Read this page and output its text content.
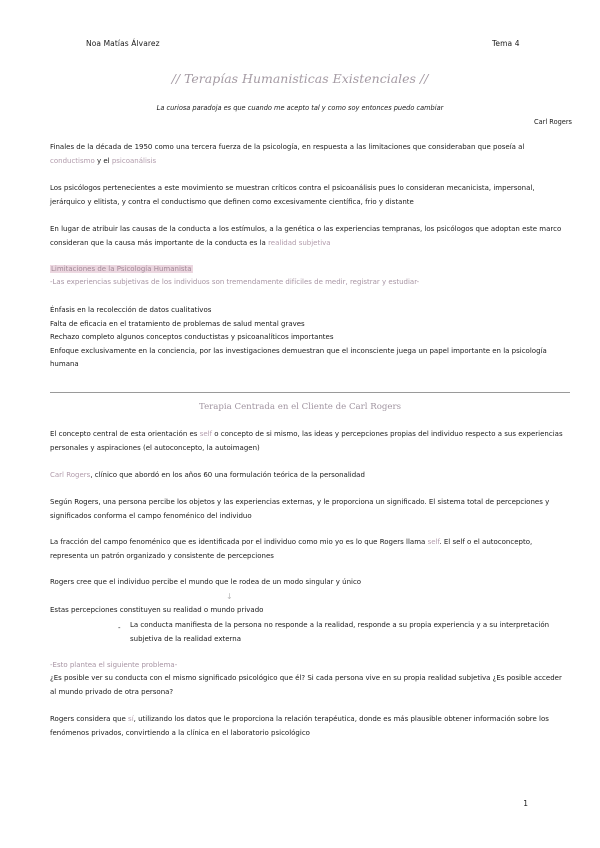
Noa Matías Álvarez	Tema 4
// Terapías Humanisticas Existenciales //
La curiosa paradoja es que cuando me acepto tal y como soy entonces puedo cambiar
Carl Rogers
Finales de la década de 1950 como una tercera fuerza de la psicología, en respuesta a las limitaciones que consideraban que poseía al conductismo y el psicoanálisis
Los psicólogos pertenecientes a este movimiento se muestran críticos contra el psicoanálisis pues lo consideran mecanicista, impersonal, jerárquico y elitista, y contra el conductismo que definen como excesivamente científica, frio y distante
En lugar de atribuir las causas de la conducta a los estímulos, a la genética o las experiencias tempranas, los psicólogos que adoptan este marco consideran que la causa más importante de la conducta es la realidad subjetiva
Limitaciones de la Psicología Humanista
-Las experiencias subjetivas de los individuos son tremendamente difíciles de medir, registrar y estudiar-
Énfasis en la recolección de datos cualitativos
Falta de eficacia en el tratamiento de problemas de salud mental graves
Rechazo completo algunos conceptos conductistas y psicoanalíticos importantes
Enfoque exclusivamente en la conciencia, por las investigaciones demuestran que el inconsciente juega un papel importante en la psicología humana
Terapia Centrada en el Cliente de Carl Rogers
El concepto central de esta orientación es self o concepto de si mismo, las ideas y percepciones propias del individuo respecto a sus experiencias personales y aspiraciones (el autoconcepto, la autoimagen)
Carl Rogers, clínico que abordó en los años 60 una formulación teórica de la personalidad
Según Rogers, una persona percibe los objetos y las experiencias externas, y le proporciona un significado. El sistema total de percepciones y significados conforma el campo fenoménico del individuo
La fracción del campo fenoménico que es identificada por el individuo como mio yo es lo que Rogers llama self. El self o el autoconcepto, representa un patrón organizado y consistente de percepciones
Rogers cree que el individuo percibe el mundo que le rodea de un modo singular y único
↓
Estas percepciones constituyen su realidad o mundo privado
- La conducta manifiesta de la persona no responde a la realidad, responde a su propia experiencia y a su interpretación subjetiva de la realidad externa
-Esto plantea el siguiente problema-
¿Es posible ver su conducta con el mismo significado psicológico que él? Si cada persona vive en su propia realidad subjetiva ¿Es posible acceder al mundo privado de otra persona?
Rogers considera que sí, utilizando los datos que le proporciona la relación terapéutica, donde es más plausible obtener información sobre los fenómenos privados, convirtiendo a la clínica en el laboratorio psicológico
1
